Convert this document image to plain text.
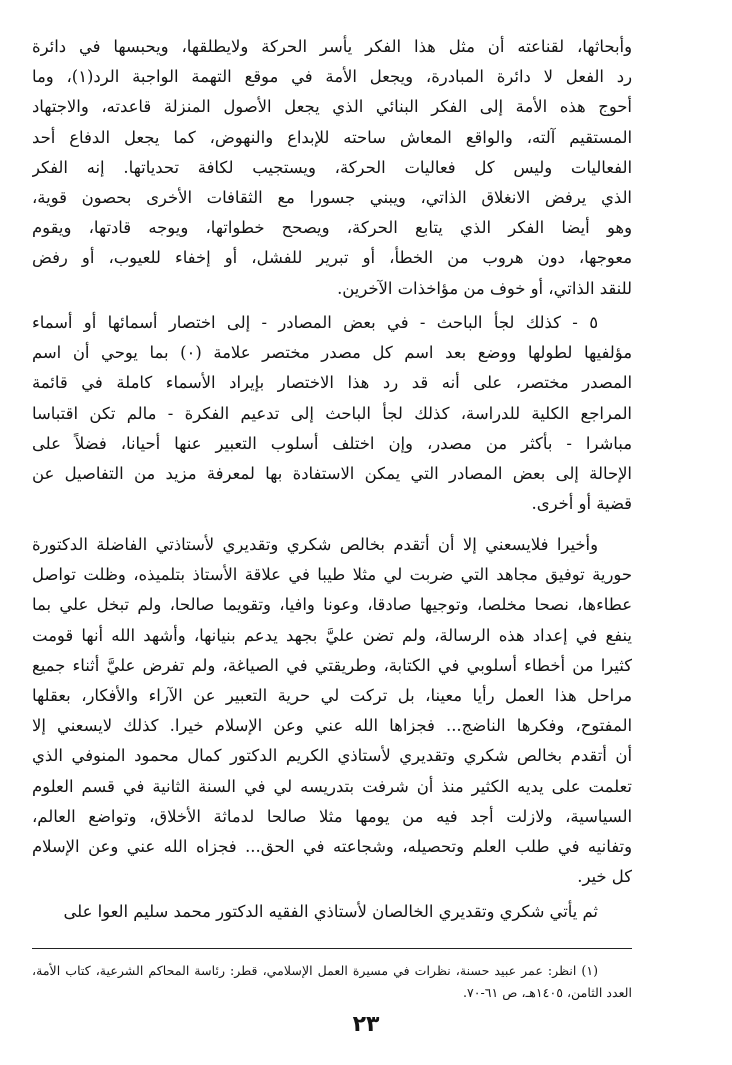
وأبحاثها، لقناعته أن مثل هذا الفكر يأسر الحركة ولايطلقها، ويحبسها في دائرة
رد الفعل لا دائرة المبادرة، ويجعل الأمة في موقع التهمة الواجبة الرد(١)، وما
أحوج هذه الأمة إلى الفكر البنائي الذي يجعل الأصول المنزلة قاعدته، والاجتهاد
المستقيم آلته، والواقع المعاش ساحته للإبداع والنهوض، كما يجعل الدفاع أحد
الفعاليات وليس كل فعاليات الحركة، ويستجيب لكافة تحدياتها. إنه الفكر
الذي يرفض الانغلاق الذاتي، ويبني جسورا مع الثقافات الأخرى بحصون قوية،
وهو أيضا الفكر الذي يتابع الحركة، ويصحح خطواتها، ويوجه قادتها، ويقوم
معوجها، دون هروب من الخطأ، أو تبرير للفشل، أو إخفاء للعيوب، أو رفض
للنقد الذاتي، أو خوف من مؤاخذات الآخرين.
٥ - كذلك لجأ الباحث - في بعض المصادر - إلى اختصار أسمائها أو أسماء
مؤلفيها لطولها ووضع بعد اسم كل مصدر مختصر علامة (٠) بما يوحي أن اسم
المصدر مختصر، على أنه قد رد هذا الاختصار بإيراد الأسماء كاملة في قائمة
المراجع الكلية للدراسة، كذلك لجأ الباحث إلى تدعيم الفكرة - مالم تكن اقتباسا
مباشرا - بأكثر من مصدر، وإن اختلف أسلوب التعبير عنها أحيانا، فضلاً على
الإحالة إلى بعض المصادر التي يمكن الاستفادة بها لمعرفة مزيد من التفاصيل عن
قضية أو أخرى.
وأخيرا فلايسعني إلا أن أتقدم بخالص شكري وتقديري لأستاذتي الفاضلة الدكتورة
حورية توفيق مجاهد التي ضربت لي مثلا طيبا في علاقة الأستاذ بتلميذه، وظلت تواصل
عطاءها، نصحا مخلصا، وتوجيها صادقا، وعونا وافيا، وتقويما صالحا، ولم تبخل علي بما
ينفع في إعداد هذه الرسالة، ولم تضن عليَّ بجهد يدعم بنيانها، وأشهد الله أنها قومت
كثيرا من أخطاء أسلوبي في الكتابة، وطريقتي في الصياغة، ولم تفرض عليَّ أثناء جميع
مراحل هذا العمل رأيا معينا، بل تركت لي حرية التعبير عن الآراء والأفكار، بعقلها
المفتوح، وفكرها الناضج... فجزاها الله عني وعن الإسلام خيرا. كذلك لايسعني إلا
أن أتقدم بخالص شكري وتقديري لأستاذي الكريم الدكتور كمال محمود المنوفي الذي
تعلمت على يديه الكثير منذ أن شرفت بتدريسه لي في السنة الثانية في قسم العلوم
السياسية، ولازلت أجد فيه من يومها مثلا صالحا لدماثة الأخلاق، وتواضع العالم،
وتفانيه في طلب العلم وتحصيله، وشجاعته في الحق... فجزاه الله عني وعن الإسلام
كل خير.
ثم يأتي شكري وتقديري الخالصان لأستاذي الفقيه الدكتور محمد سليم العوا على
(١) انظر: عمر عبيد حسنة، نظرات في مسيرة العمل الإسلامي، قطر: رئاسة المحاكم الشرعية، كتاب الأمة،
العدد الثامن، ١٤٠٥هـ، ص ٦١-٧٠.
٢٣
